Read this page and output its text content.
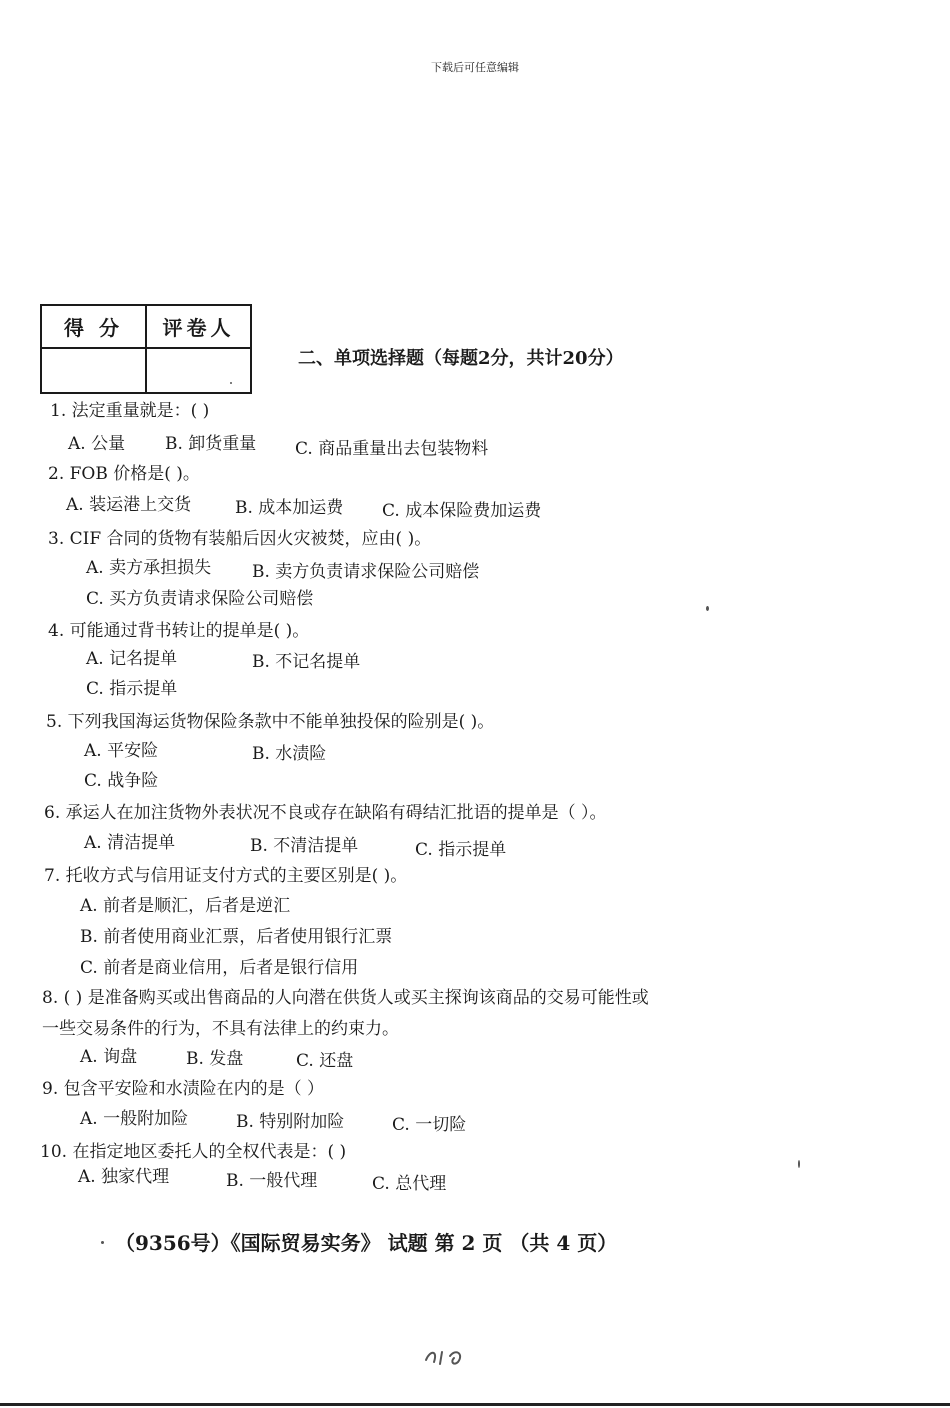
下载后可任意编辑
得 分	评卷人

二、单项选择题（每题2分，共计20分）
1. 法定重量就是：( )
A. 公量 B. 卸货重量 C. 商品重量出去包装物料
2. FOB 价格是( )。
A. 装运港上交货	B. 成本加运费 C. 成本保险费加运费
3. CIF 合同的货物有装船后因火灾被焚，应由( )。
A. 卖方承担损失 B. 卖方负责请求保险公司赔偿
C. 买方负责请求保险公司赔偿
4. 可能通过背书转让的提单是( )。
A. 记名提单	B. 不记名提单
C. 指示提单
5. 下列我国海运货物保险条款中不能单独投保的险别是( )。
A. 平安险	B. 水渍险
C. 战争险
6. 承运人在加注货物外表状况不良或存在缺陷有碍结汇批语的提单是（ ）。
A. 清洁提单	B. 不清洁提单	C. 指示提单
7. 托收方式与信用证支付方式的主要区别是( )。
A. 前者是顺汇，后者是逆汇
B. 前者使用商业汇票，后者使用银行汇票
C. 前者是商业信用，后者是银行信用
8. ( ) 是准备购买或出售商品的人向潜在供货人或买主探询该商品的交易可能性或
一些交易条件的行为，不具有法律上的约束力。
A. 询盘	B. 发盘	C. 还盘
9. 包含平安险和水渍险在内的是（ ）
A. 一般附加险	B. 特别附加险	C. 一切险
10. 在指定地区委托人的全权代表是：( )
A. 独家代理	B. 一般代理	C. 总代理
（9356号）《国际贸易实务》 试题 第 2 页 （共 4 页）
